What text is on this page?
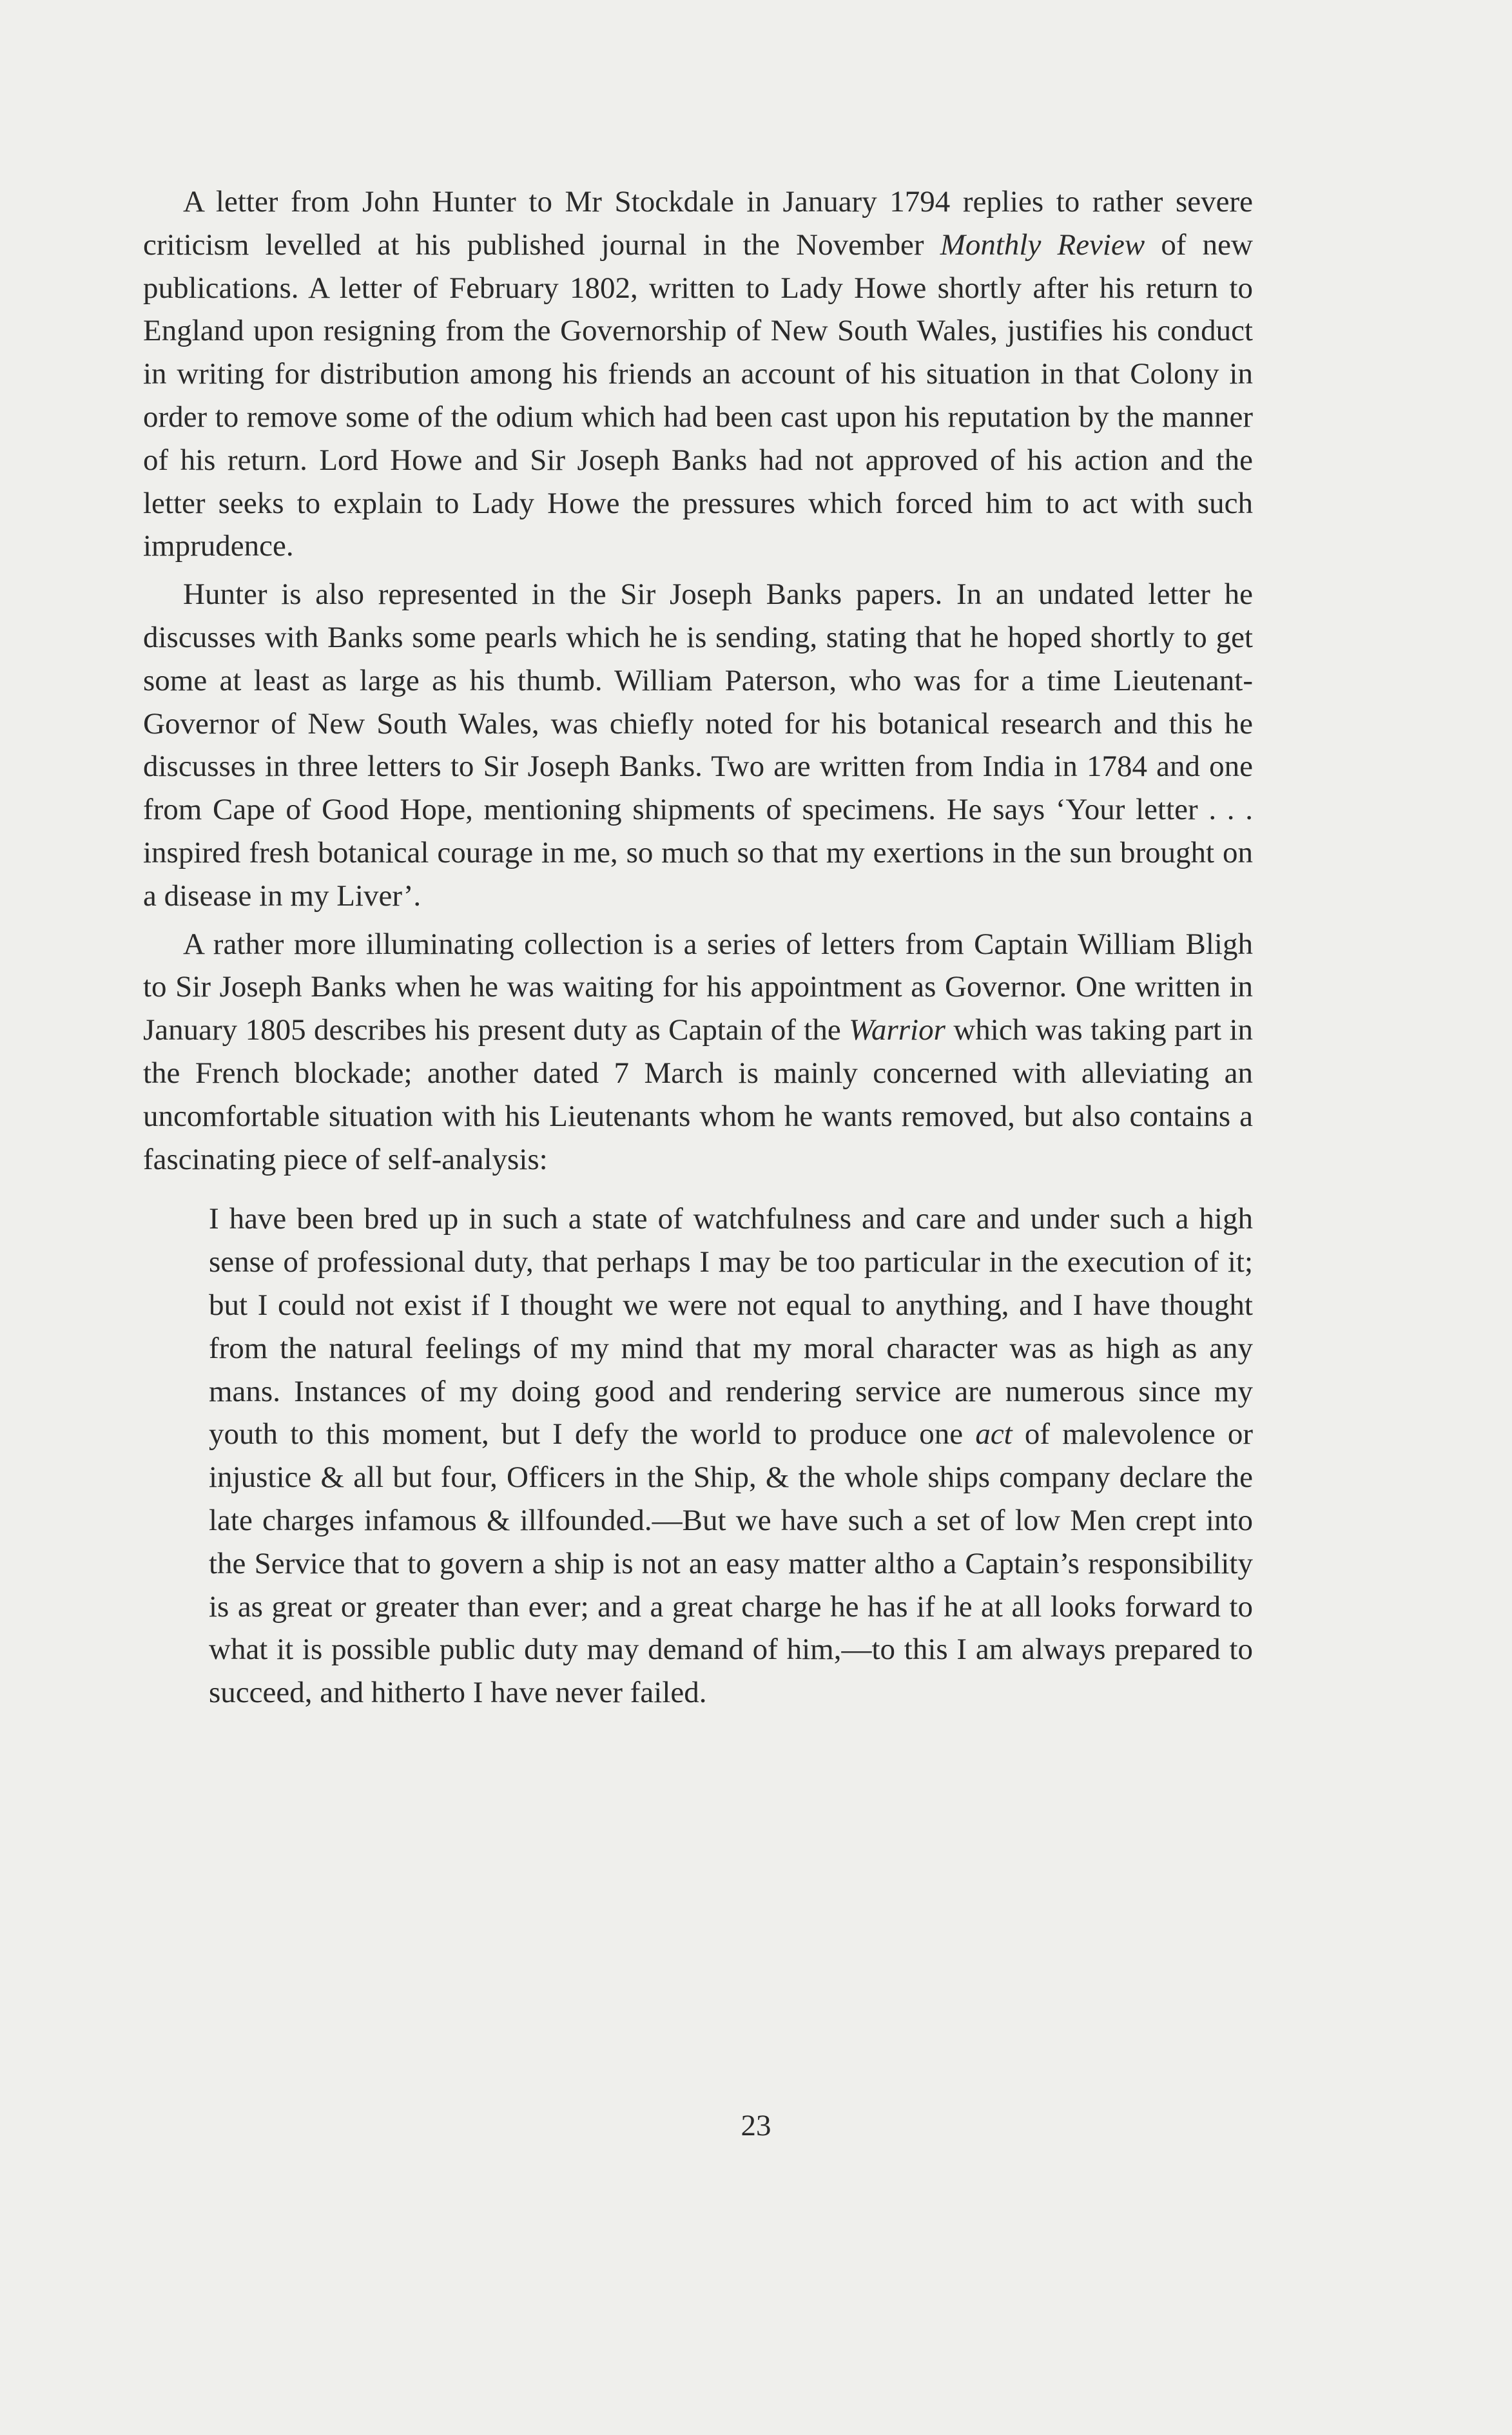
A letter from John Hunter to Mr Stockdale in January 1794 replies to rather severe criticism levelled at his published journal in the November Monthly Review of new publications. A letter of February 1802, written to Lady Howe shortly after his return to England upon resigning from the Governorship of New South Wales, justifies his conduct in writing for distribution among his friends an account of his situation in that Colony in order to remove some of the odium which had been cast upon his reputation by the manner of his return. Lord Howe and Sir Joseph Banks had not approved of his action and the letter seeks to explain to Lady Howe the pressures which forced him to act with such imprudence.

Hunter is also represented in the Sir Joseph Banks papers. In an undated letter he discusses with Banks some pearls which he is sending, stating that he hoped shortly to get some at least as large as his thumb. William Paterson, who was for a time Lieutenant-Governor of New South Wales, was chiefly noted for his botanical research and this he discusses in three letters to Sir Joseph Banks. Two are written from India in 1784 and one from Cape of Good Hope, mentioning shipments of specimens. He says ‘Your letter . . . inspired fresh botanical courage in me, so much so that my exertions in the sun brought on a disease in my Liver’.

A rather more illuminating collection is a series of letters from Captain William Bligh to Sir Joseph Banks when he was waiting for his appointment as Governor. One written in January 1805 describes his present duty as Captain of the Warrior which was taking part in the French blockade; another dated 7 March is mainly concerned with alleviating an uncomfortable situation with his Lieutenants whom he wants removed, but also contains a fascinating piece of self-analysis:

I have been bred up in such a state of watchfulness and care and under such a high sense of professional duty, that perhaps I may be too particular in the execution of it; but I could not exist if I thought we were not equal to anything, and I have thought from the natural feelings of my mind that my moral character was as high as any mans. Instances of my doing good and rendering service are numerous since my youth to this moment, but I defy the world to produce one act of malevolence or injustice & all but four, Officers in the Ship, & the whole ships company declare the late charges infamous & illfounded.—But we have such a set of low Men crept into the Service that to govern a ship is not an easy matter altho a Captain’s responsibility is as great or greater than ever; and a great charge he has if he at all looks forward to what it is possible public duty may demand of him,—to this I am always prepared to succeed, and hitherto I have never failed.

23
